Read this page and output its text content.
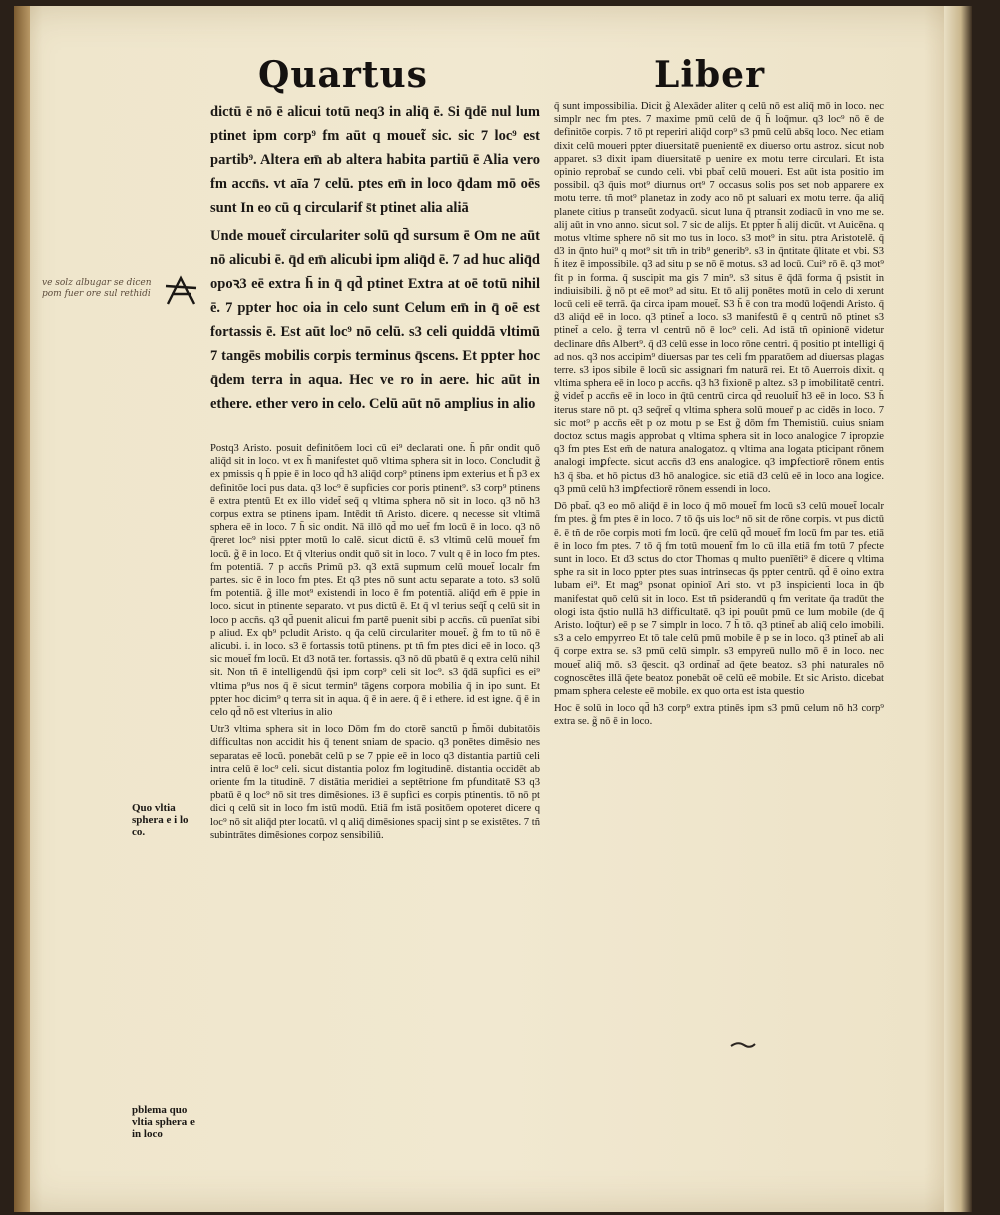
Quartus	Liber
ve solz albugar se dicen pom fuer ore sul rethidi
Quo vltia sphera e i lo co.
pblema quo vltia sphera e in loco

dictū ē nō ē alicui totū neq3 in aliq̄ ē. Si q̄dē nul lum ptinet ipm corp⁹ fm aūt q mouet̃ sic. sic 7 loc⁹ est partib⁹. Altera em̄ ab altera habita partiū ē Alia vero fm accn̄s. vt aīa 7 celū. ptes em̄ in loco q̄dam mō oēs sunt In eo cū q circularif s̄t ptinet alia aliā

Unde mouet̃ circulariter solū qd̄ sursum ē Om ne aūt nō alicubi ē. q̄d em̄ alicubi ipm aliq̄d ē. 7 ad huc aliq̄d opoꝛ3 eē extra h̄ in q̄ qd̄ ptinet Extra at oē totū nihil ē. 7 ppter hoc oia in celo sunt Celum em̄ in q̄ oē est fortassis ē. Est aūt loc⁹ nō celū. s3 celi quiddā vltimū 7 tangēs mobilis corpis terminus q̄scens. Et ppter hoc q̄dem terra in aqua. Hec ve ro in aere. hic aūt in ethere. ether vero in celo. Celū aūt nō amplius in alio

Postq3 Aristo. posuit definitōem loci cū ei⁹ declarati one. h̄ pñr ondit quō aliq̄d sit in loco. vt ex h̄ manifestet quō vltima sphera sit in loco. Concludit g̃ ex pmissis q h̄ ppie ē in loco qd̄ h3 aliq̄d corp⁹ ptinens ipm exterius et h̄ p3 ex definitōe loci pus data. q3 loc⁹ ē supficies cor poris ptinent⁹. s3 corp⁹ ptinens ē extra ptentū Et ex illo videt̃ seq̄ q vltima sphera nō sit in loco. q3 nō h3 corpus extra se ptinens ipam. Intēdit tñ Aristo. dicere. q necesse sit vltimā sphera eē in loco. 7 h̄ sic ondit. Nā illō qd̄ mo uet̃ fm locū ē in loco. q3 nō q̄reret loc⁹ nisi ppter motū lo calē. sicut dictū ē. s3 vltimū celū mouet̃ fm locū. g̃ ē in loco. Et q̄ vlterius ondit quō sit in loco. 7 vult q ē in loco fm ptes. fm potentiā. 7 p accn̄s Primū p3. q3 extā supmum celū mouet̃ localr fm partes. sic ē in loco fm ptes. Et q3 ptes nō sunt actu separate a toto. s3 solū fm potentiā. g̃ ille mot⁹ existendi in loco ē fm potentiā. aliq̄d em̄ ē ppie in loco. sicut in ptinente separato. vt pus dictū ē. Et q̄ vl terius seq̄t̃ q celū sit in loco p accn̄s. q3 qd̄ puenit alicui fm partē puenit sibi p accn̄s. cū puenīat sibi p aliud. Ex qb⁹ pcludit Aristo. q q̄a celū circulariter mouet̃. g̃ fm to tū nō ē alicubi. i. in loco. s3 ē fortassis totū ptinens. pt tñ fm ptes dici eē in loco. q3 sic mouet̃ fm locū. Et d3 notā ter. fortassis. q3 nō dū pbatū ē q extra celū nihil sit. Non tñ ē intelligendū q̄si ipm corp⁹ celi sit loc⁹. s3 q̄dā supfici es ei⁹ vltima p⁹us nos q̄ ē sicut termin⁹ tāgens corpora mobilia q̄ in ipo sunt. Et ppter hoc dicim⁹ q terra sit in aqua. q̄ ē in aere. q̄ ē i ethere. id est igne. q̄ ē in celo qd̄ nō est vlterius in alio

Utr3 vltima sphera sit in loco Dōm fm do ctorē sanctū p h̄mōi dubitatōis difficultas non accidit his q̄ tenent sniam de spacio. q3 ponētes dimēsio nes separatas eē locū. ponebāt celū p se 7 ppie eē in loco q3 distantia partiū celi intra celū ē loc⁹ celi. sicut distantia poloz fm logitudinē. distantia occidēt ab oriente fm la titudinē. 7 distātia meridiei a septētrione fm pfunditatē S3 q3 pbatū ē q loc⁹ nō sit tres dimēsiones. i3 ē supfici es corpis ptinentis. tō nō pt dici q celū sit in loco fm istū modū. Etiā fm istā positōem opoteret dicere q loc⁹ nō sit aliq̄d pter locatū. vl q aliq̄ dimēsiones spacij sint p se existētes. 7 tñ subintrātes dimēsiones corpoz sensibiliū.

q̄ sunt impossibilia. Dicit g̃ Alexāder aliter q celū nō est aliq̄ mō in loco. nec simplr nec fm ptes. 7 maxime pmū celū de q̄ h̄ loq̄mur. q3 loc⁹ nō ē de definitōe corpis. 7 tō pt reperiri aliq̄d corp⁹ s3 pmū celū abs̄q loco. Nec etiam dixit celū moueri ppter diuersitatē puenientē ex diuerso ortu astroz. sicut nob apparet. s3 dixit ipam diuersitatē p uenire ex motu terre circulari. Et ista opinio reprobat̃ se cundo celi. vbi pbat̃ celū moueri. Est aūt ista positio im possibil. q3 q̄uis mot⁹ diurnus ort⁹ 7 occasus solis pos set nob apparere ex motu terre. tñ mot⁹ planetaz in zody aco nō pt saluari ex motu terre. q̄a aliq̄ planete citius p transeūt zodyacū. sicut luna q̄ ptransit zodiacū in vno me se. alij aūt in vno anno. sicut sol. 7 sic de alijs. Et ppter h̄ alij dicūt. vt Auicēna. q motus vltime sphere nō sit mo tus in loco. s3 mot⁹ in situ. ptra Aristotelē. q̄ d3 in q̄nto hui⁹ q mot⁹ sit tm̄ in trib⁹ generib⁹. s3 in q̄ntitate q̄litate et vbi. S3 h̄ itez ē impossibile. q3 ad situ p se nō ē motus. s3 ad locū. Cui⁹ rō ē. q3 mot⁹ fit p in forma. q̄ suscipit ma gis 7 min⁹. s3 situs ē q̄dā forma q̄ psistit in indiuisibili. g̃ nō pt eē mot⁹ ad situ. Et tō alij ponētes motū in celo di xerunt locū celi eē terrā. q̄a circa ipam mouet̃. S3 h̄ ē con tra modū loq̄endi Aristo. q̄ d3 aliq̄d eē in loco. q3 ptinet̃ a loco. s3 manifestū ē q centrū nō ptinet s3 ptinet̃ a celo. g̃ terra vl centrū nō ē loc⁹ celi. Ad istā tñ opinionē videtur declinare dñs Albert⁹. q̄ d3 celū esse in loco rōne centri. q̄ positio pt intelligi q̄ ad nos. q3 nos accipim⁹ diuersas par tes celi fm pparatōem ad diuersas plagas terre. s3 ipos sibile ē locū sic assignari fm naturā rei. Et tō Auerrois dixit. q vltima sphera eē in loco p accn̄s. q3 h3 fixionē p altez. s3 p imobilitatē centri. g̃ videt̃ p accn̄s eē in loco in q̄tū centrū circa qd̄ reuoluit̃ h3 eē in loco. S3 h̄ iterus stare nō pt. q3 seq̄ret̃ q vltima sphera solū mouer̃ p ac cidēs in loco. 7 sic mot⁹ p accn̄s eēt p oz motu p se Est g̃ dōm fm Themistiū. cuius sniam doctoz sctus magis approbat q vltima sphera sit in loco analogice 7 ipropzie q3 fm ptes Est em̄ de natura analogatoz. q vltima ana logata pticipant rōnem analogi imꝑfecte. sicut accn̄s d3 ens analogice. q3 imꝑfectiorē rōnem entis h3 q̄ s̄ba. et hō pictus d3 hō analogice. sic etiā d3 celū eē in loco ana logice. q3 pmū celū h3 imꝑfectiorē rōnem essendi in loco.

Dō pbat̃. q3 eo mō aliq̄d ē in loco q̄ mō mouet̃ fm locū s3 celū mouet̃ localr fm ptes. g̃ fm ptes ē in loco. 7 tō q̄s uis loc⁹ nō sit de rōne corpis. vt pus dictū ē. ē tñ de rōe corpis moti fm locū. q̄re celū qd̄ mouet̃ fm locū fm par tes. etiā ē in loco fm ptes. 7 tō q̄ fm totū mouent̃ fm lo cū illa etiā fm totū 7 pfecte sunt in loco. Et d3 sctus do ctor Thomas q multo puenīēti⁹ ē dicere q vltima sphe ra sit in loco ppter ptes suas intrinsecas q̄s ppter centrū. qd̄ ē oino extra lubam ei⁹. Et mag⁹ psonat opinioī Ari sto. vt p3 inspicienti loca in q̄b manifestat quō celū sit in loco. Est tñ psiderandū q fm veritate q̄a tradūt the ologi ista q̄stio nullā h3 difficultatē. q3 ipi pouūt pmū ce lum mobile (de q̄ Aristo. loq̄tur) eē p se 7 simplr in loco. 7 h̄ tō. q3 ptinet̃ ab aliq̄ celo imobili. s3 a celo empyrreo Et tō tale celū pmū mobile ē p se in loco. q3 ptinet̃ ab ali q̄ corpe extra se. s3 pmū celū simplr. s3 empyreū nullo mō ē in loco. nec mouet̃ aliq̄ mō. s3 q̄escit. q3 ordinat̃ ad q̄ete beatoz. s3 phi naturales nō cognoscētes illā q̄ete beatoz ponebāt oē celū eē mobile. Et sic Aristo. dicebat pmam sphera celeste eē mobile. ex quo orta est ista questio

Hoc ē solū in loco qd̄ h3 corp⁹ extra ptinēs ipm s3 pmū celum nō h3 corp⁹ extra se. g̃ nō ē in loco.
